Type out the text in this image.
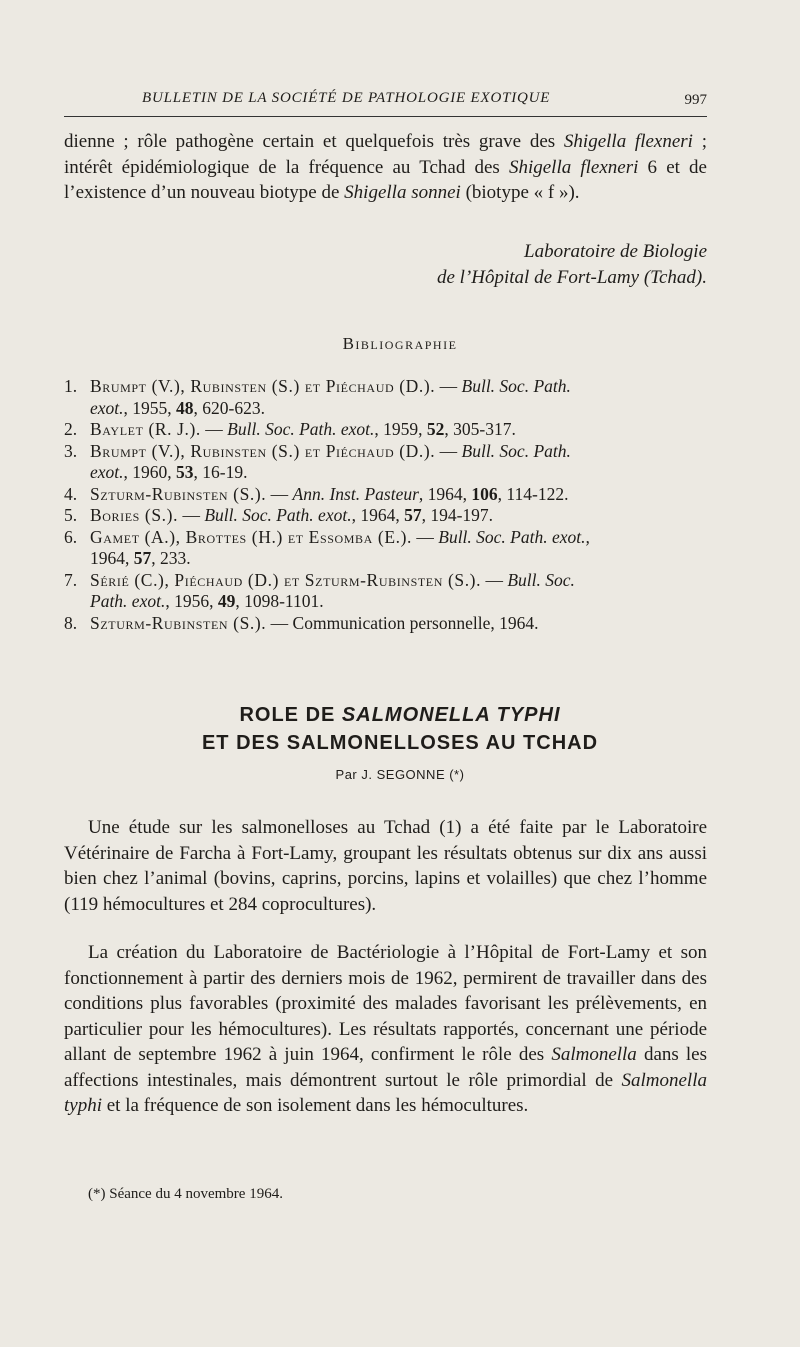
BULLETIN DE LA SOCIÉTÉ DE PATHOLOGIE EXOTIQUE	997
dienne ; rôle pathogène certain et quelquefois très grave des Shigella flexneri ; intérêt épidémiologique de la fréquence au Tchad des Shigella flexneri 6 et de l’existence d’un nouveau biotype de Shigella sonnei (biotype « f »).
Laboratoire de Biologie
de l’Hôpital de Fort-Lamy (Tchad).
Bibliographie

1. Brumpt (V.), Rubinsten (S.) et Piéchaud (D.). — Bull. Soc. Path.
exot., 1955, 48, 620-623.

2. Baylet (R. J.). — Bull. Soc. Path. exot., 1959, 52, 305-317.

3. Brumpt (V.), Rubinsten (S.) et Piéchaud (D.). — Bull. Soc. Path.
exot., 1960, 53, 16-19.

4. Szturm-Rubinsten (S.). — Ann. Inst. Pasteur, 1964, 106, 114-122.

5. Bories (S.). — Bull. Soc. Path. exot., 1964, 57, 194-197.

6. Gamet (A.), Brottes (H.) et Essomba (E.). — Bull. Soc. Path. exot.,
1964, 57, 233.

7. Sérié (C.), Piéchaud (D.) et Szturm-Rubinsten (S.). — Bull. Soc.
Path. exot., 1956, 49, 1098-1101.

8. Szturm-Rubinsten (S.). — Communication personnelle, 1964.

ROLE DE SALMONELLA TYPHI
ET DES SALMONELLOSES AU TCHAD
Par J. SEGONNE (*)
Une étude sur les salmonelloses au Tchad (1) a été faite par le Laboratoire Vétérinaire de Farcha à Fort-Lamy, groupant les résultats obtenus sur dix ans aussi bien chez l’animal (bovins, caprins, porcins, lapins et volailles) que chez l’homme (119 hémocultures et 284 coprocultures).
La création du Laboratoire de Bactériologie à l’Hôpital de Fort-Lamy et son fonctionnement à partir des derniers mois de 1962, permirent de travailler dans des conditions plus favorables (proximité des malades favorisant les prélèvements, en particulier pour les hémocultures). Les résultats rapportés, concernant une période allant de septembre 1962 à juin 1964, confirment le rôle des Salmonella dans les affections intestinales, mais démontrent surtout le rôle primordial de Salmonella typhi et la fréquence de son isolement dans les hémocultures.
(*) Séance du 4 novembre 1964.
